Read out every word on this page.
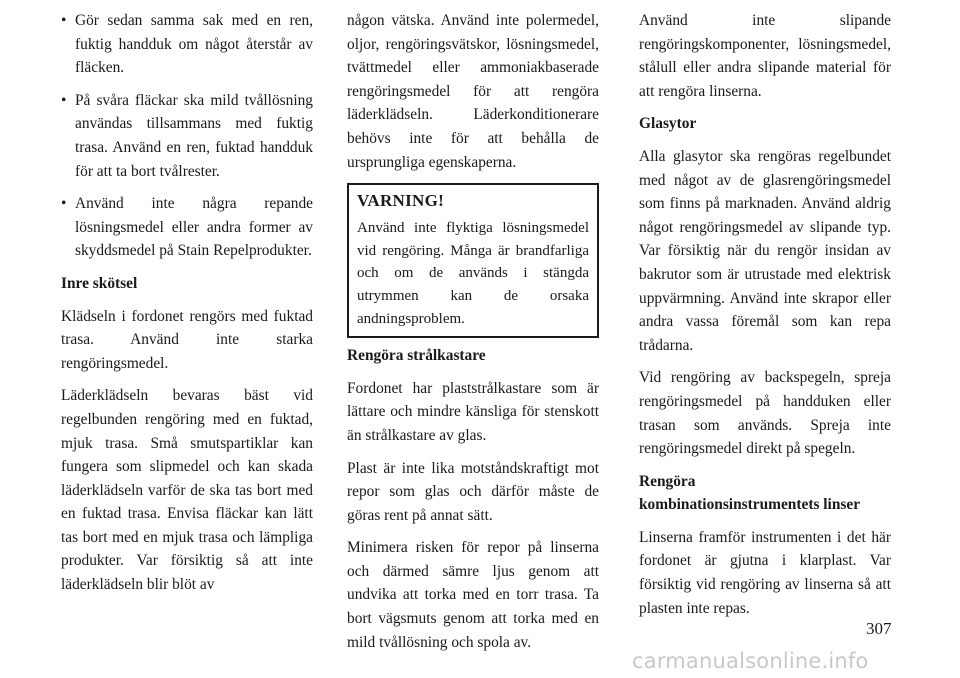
• Gör sedan samma sak med en ren, fuktig handduk om något återstår av fläcken.
• På svåra fläckar ska mild tvållösning användas tillsammans med fuktig trasa. Använd en ren, fuktad handduk för att ta bort tvålrester.
• Använd inte några repande lösningsmedel eller andra former av skyddsmedel på Stain Repelprodukter.
Inre skötsel

Klädseln i fordonet rengörs med fuktad trasa. Använd inte starka rengöringsmedel.

Läderklädseln bevaras bäst vid regelbunden rengöring med en fuktad, mjuk trasa. Små smutspartiklar kan fungera som slipmedel och kan skada läderklädseln varför de ska tas bort med en fuktad trasa. Envisa fläckar kan lätt tas bort med en mjuk trasa och lämpliga produkter. Var försiktig så att inte läderklädseln blir blöt av

någon vätska. Använd inte polermedel, oljor, rengöringsvätskor, lösningsmedel, tvättmedel eller ammoniakbaserade rengöringsmedel för att rengöra läderklädseln. Läderkonditionerare behövs inte för att behålla de ursprungliga egenskaperna.

VARNING!

Använd inte flyktiga lösningsmedel vid rengöring. Många är brandfarliga och om de används i stängda utrymmen kan de orsaka andningsproblem.

Rengöra strålkastare

Fordonet har plaststrålkastare som är lättare och mindre känsliga för stenskott än strålkastare av glas.

Plast är inte lika motståndskraftigt mot repor som glas och därför måste de göras rent på annat sätt.

Minimera risken för repor på linserna och därmed sämre ljus genom att undvika att torka med en torr trasa. Ta bort vägsmuts genom att torka med en mild tvållösning och spola av.

Använd inte slipande rengöringskomponenter, lösningsmedel, stålull eller andra slipande material för att rengöra linserna.

Glasytor

Alla glasytor ska rengöras regelbundet med något av de glasrengöringsmedel som finns på marknaden. Använd aldrig något rengöringsmedel av slipande typ. Var försiktig när du rengör insidan av bakrutor som är utrustade med elektrisk uppvärmning. Använd inte skrapor eller andra vassa föremål som kan repa trådarna.

Vid rengöring av backspegeln, spreja rengöringsmedel på handduken eller trasan som används. Spreja inte rengöringsmedel direkt på spegeln.

Rengöra
kombinationsinstrumentets linser

Linserna framför instrumenten i det här fordonet är gjutna i klarplast. Var försiktig vid rengöring av linserna så att plasten inte repas.

307
carmanualsonline.info
